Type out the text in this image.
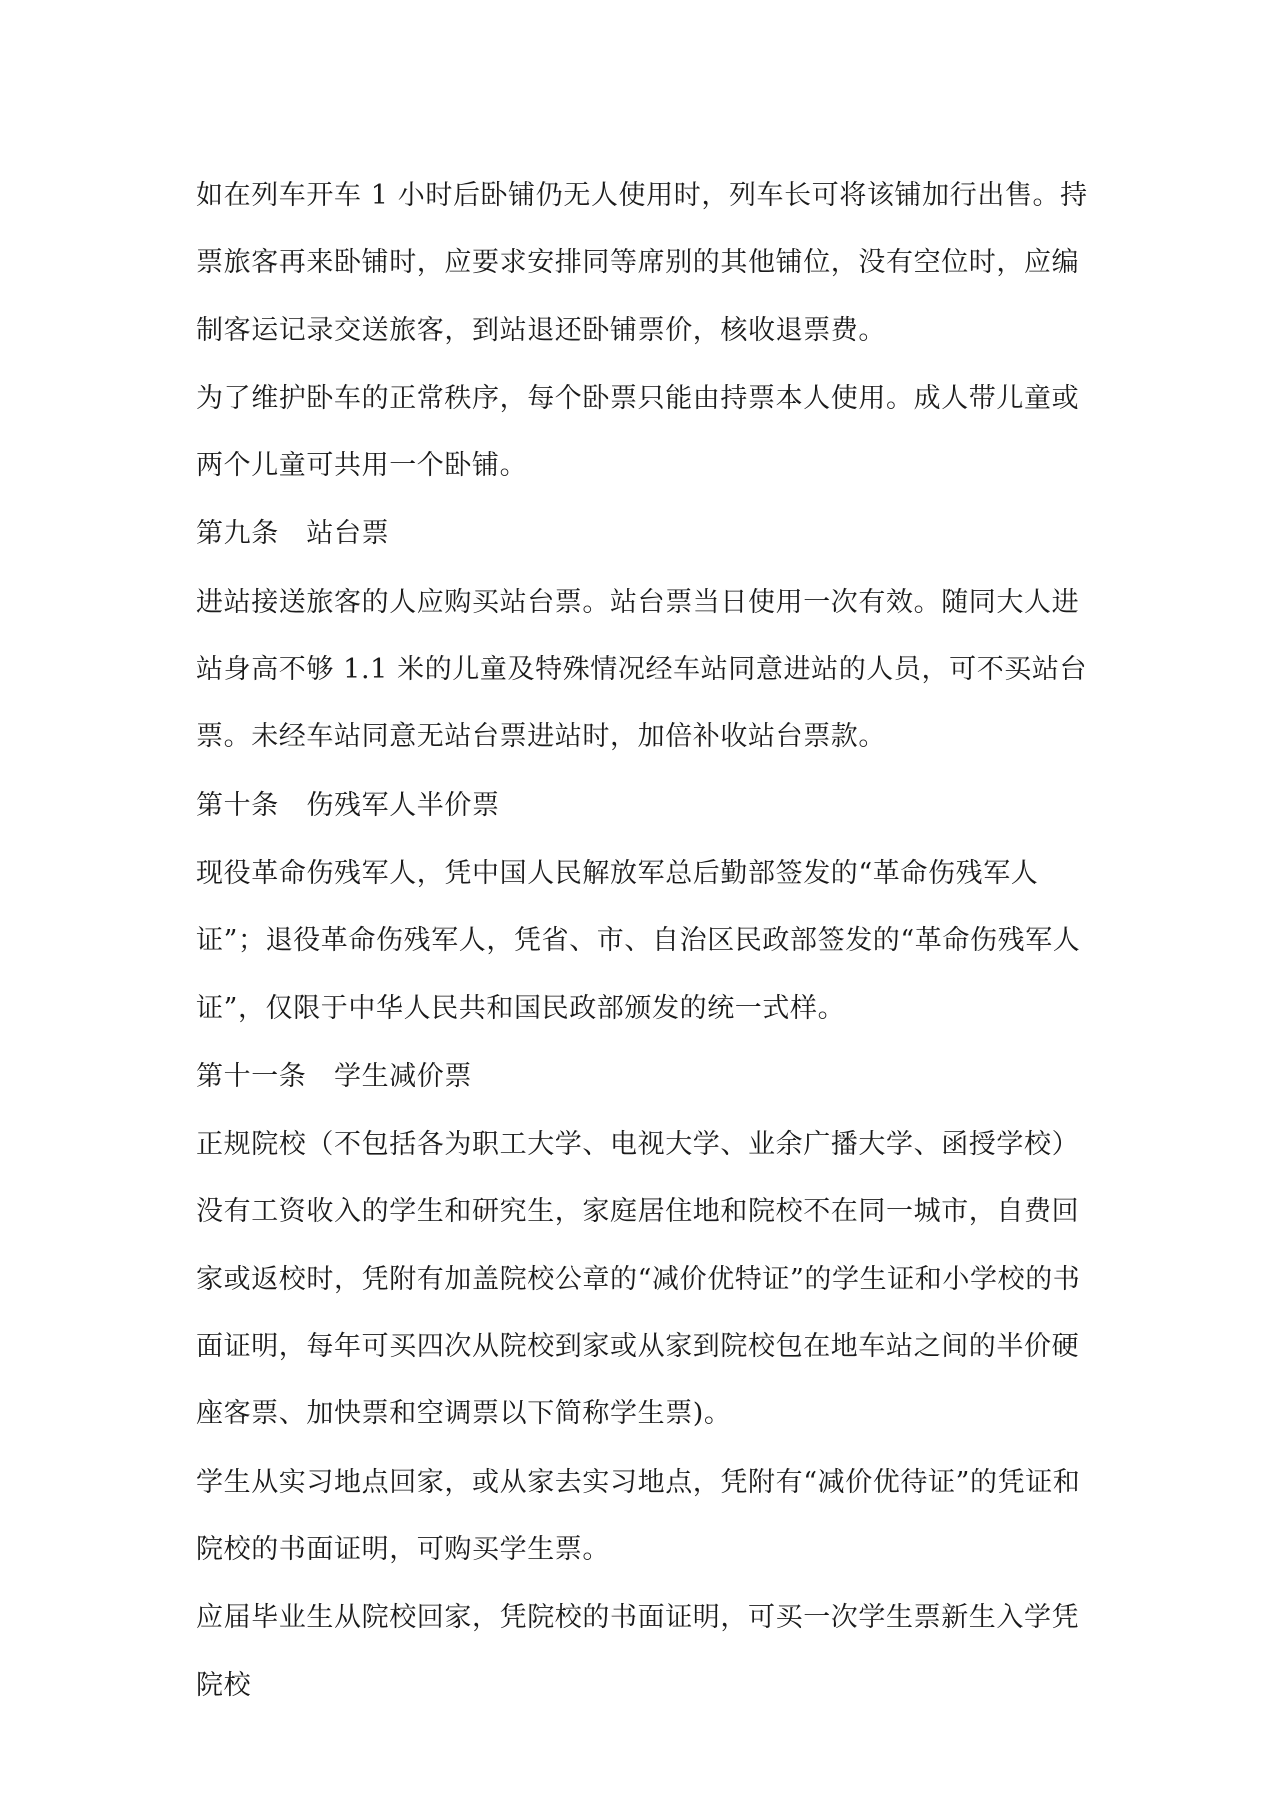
如在列车开车 1 小时后卧铺仍无人使用时，列车长可将该铺加行出售。持票旅客再来卧铺时，应要求安排同等席别的其他铺位，没有空位时，应编制客运记录交送旅客，到站退还卧铺票价，核收退票费。

为了维护卧车的正常秩序，每个卧票只能由持票本人使用。成人带儿童或两个儿童可共用一个卧铺。

第九条　站台票

进站接送旅客的人应购买站台票。站台票当日使用一次有效。随同大人进站身高不够 1.1 米的儿童及特殊情况经车站同意进站的人员，可不买站台票。未经车站同意无站台票进站时，加倍补收站台票款。

第十条　伤残军人半价票

现役革命伤残军人，凭中国人民解放军总后勤部签发的“革命伤残军人证”；退役革命伤残军人，凭省、市、自治区民政部签发的“革命伤残军人证”，仅限于中华人民共和国民政部颁发的统一式样。

第十一条　学生减价票

正规院校（不包括各为职工大学、电视大学、业余广播大学、函授学校）没有工资收入的学生和研究生，家庭居住地和院校不在同一城市，自费回家或返校时，凭附有加盖院校公章的“减价优特证”的学生证和小学校的书面证明，每年可买四次从院校到家或从家到院校包在地车站之间的半价硬座客票、加快票和空调票以下简称学生票)。

学生从实习地点回家，或从家去实习地点，凭附有“减价优待证”的凭证和院校的书面证明，可购买学生票。

应届毕业生从院校回家，凭院校的书面证明，可买一次学生票新生入学凭院校
